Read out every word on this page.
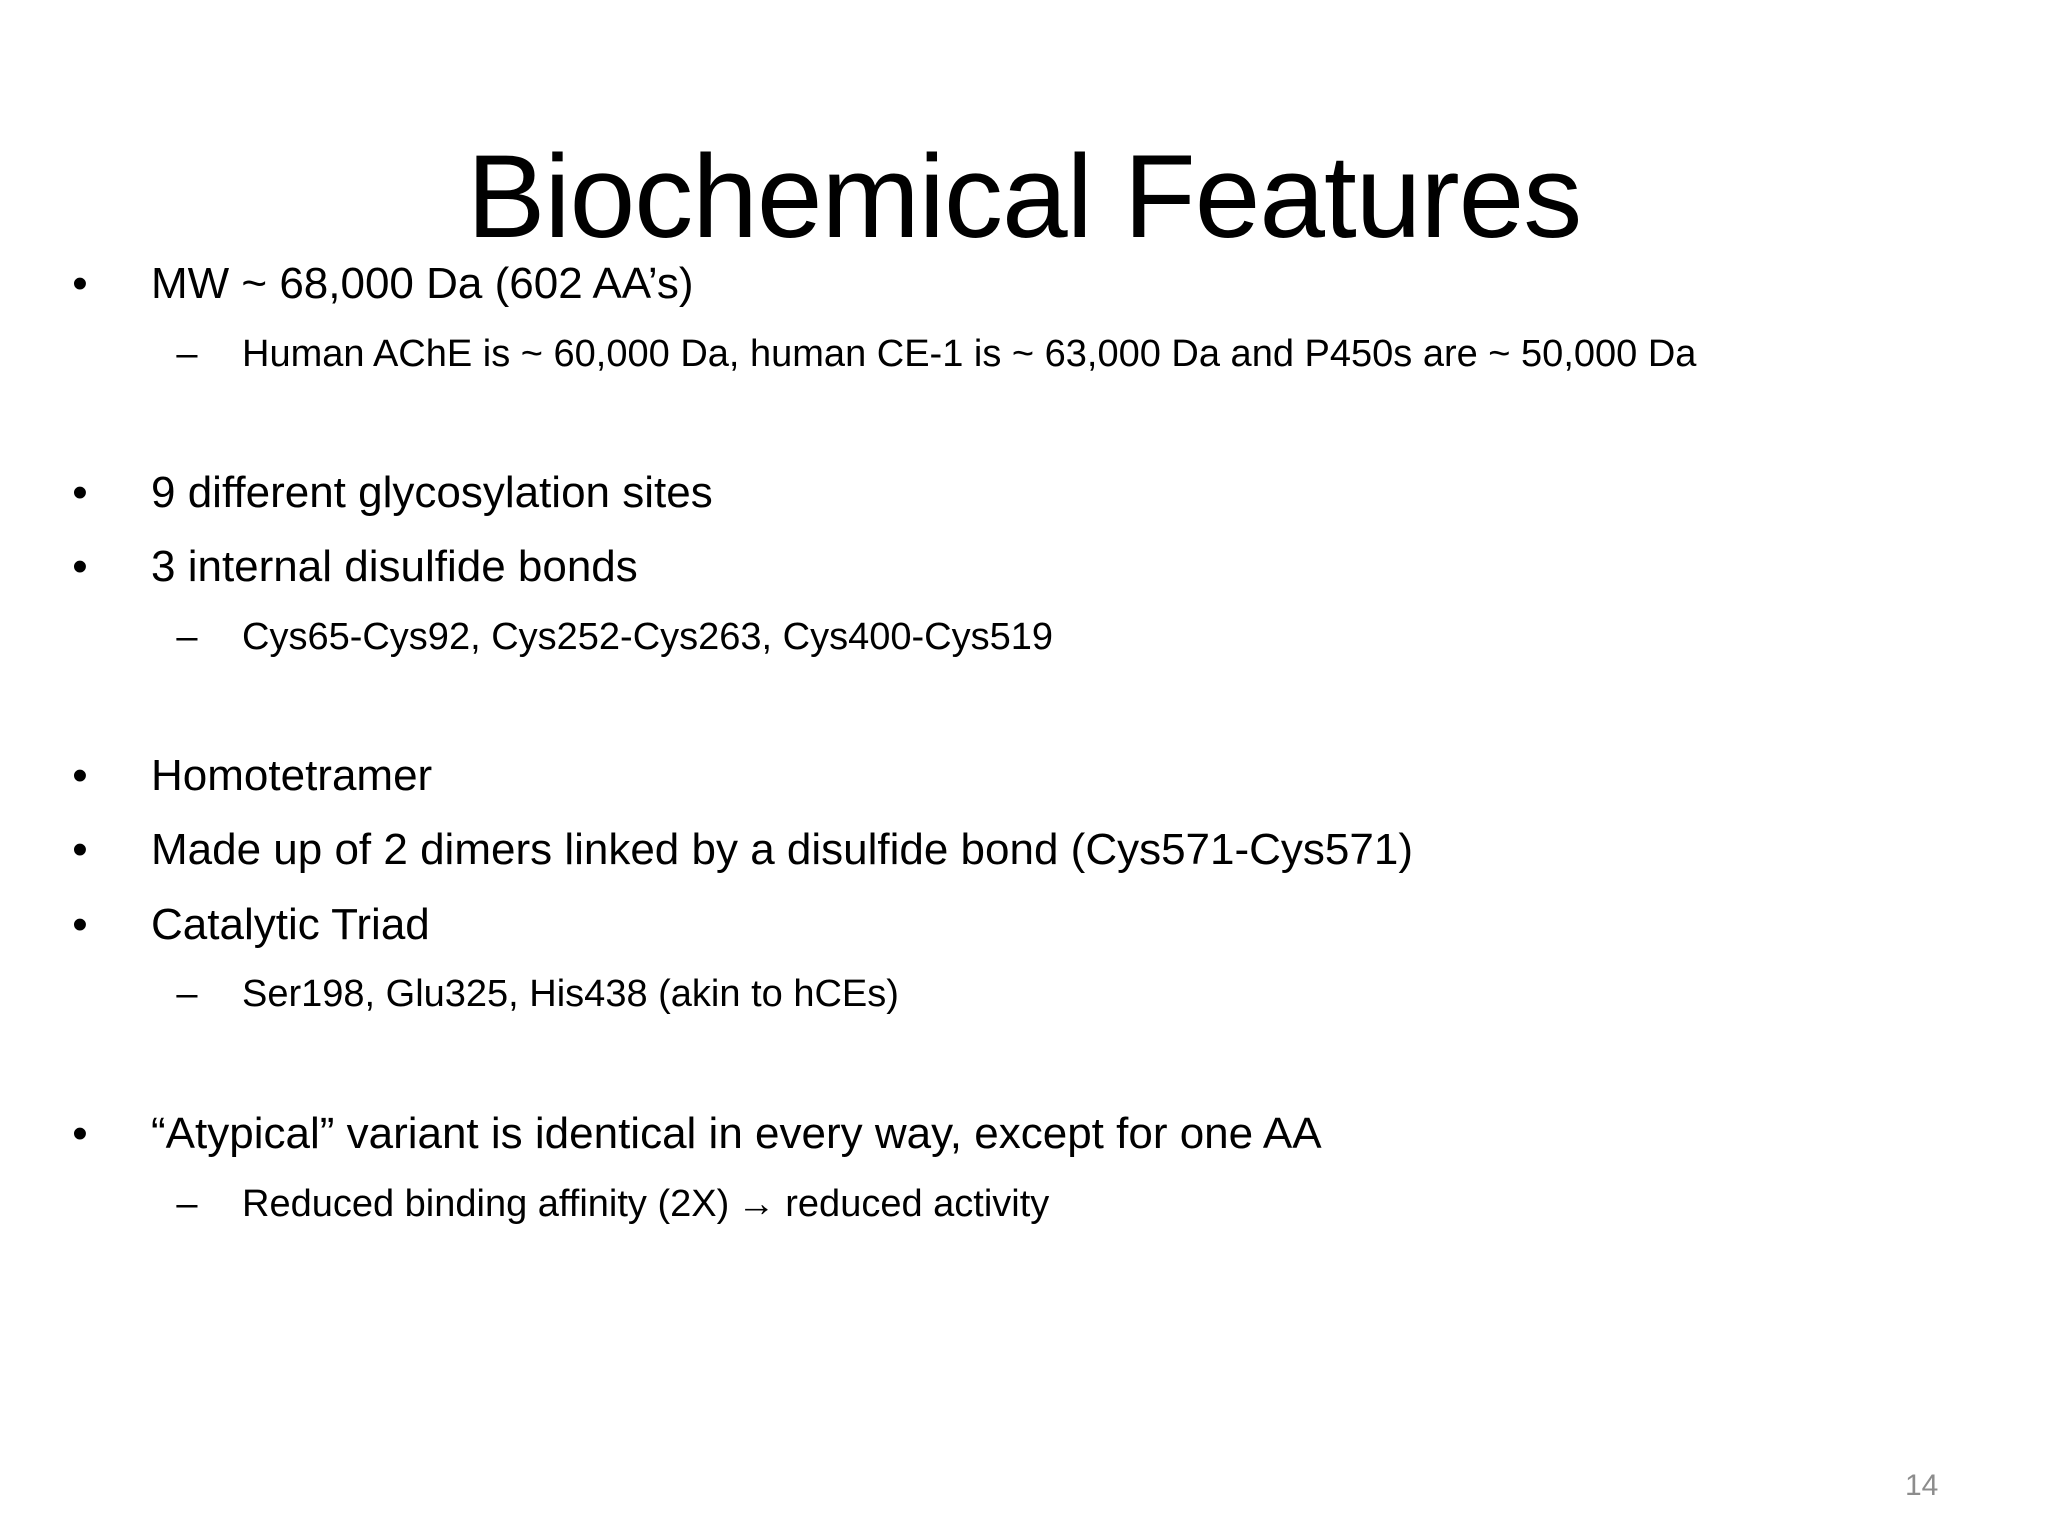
Biochemical Features
• MW ~ 68,000 Da (602 AA’s)
– Human AChE is ~ 60,000 Da, human CE-1 is ~ 63,000 Da and P450s are ~ 50,000 Da
• 9 different glycosylation sites
• 3 internal disulfide bonds
– Cys65-Cys92, Cys252-Cys263, Cys400-Cys519
• Homotetramer
• Made up of 2 dimers linked by a disulfide bond (Cys571-Cys571)
• Catalytic Triad
– Ser198, Glu325, His438 (akin to hCEs)
• “Atypical” variant is identical in every way, except for one AA
– Reduced binding affinity (2X) → reduced activity
14
